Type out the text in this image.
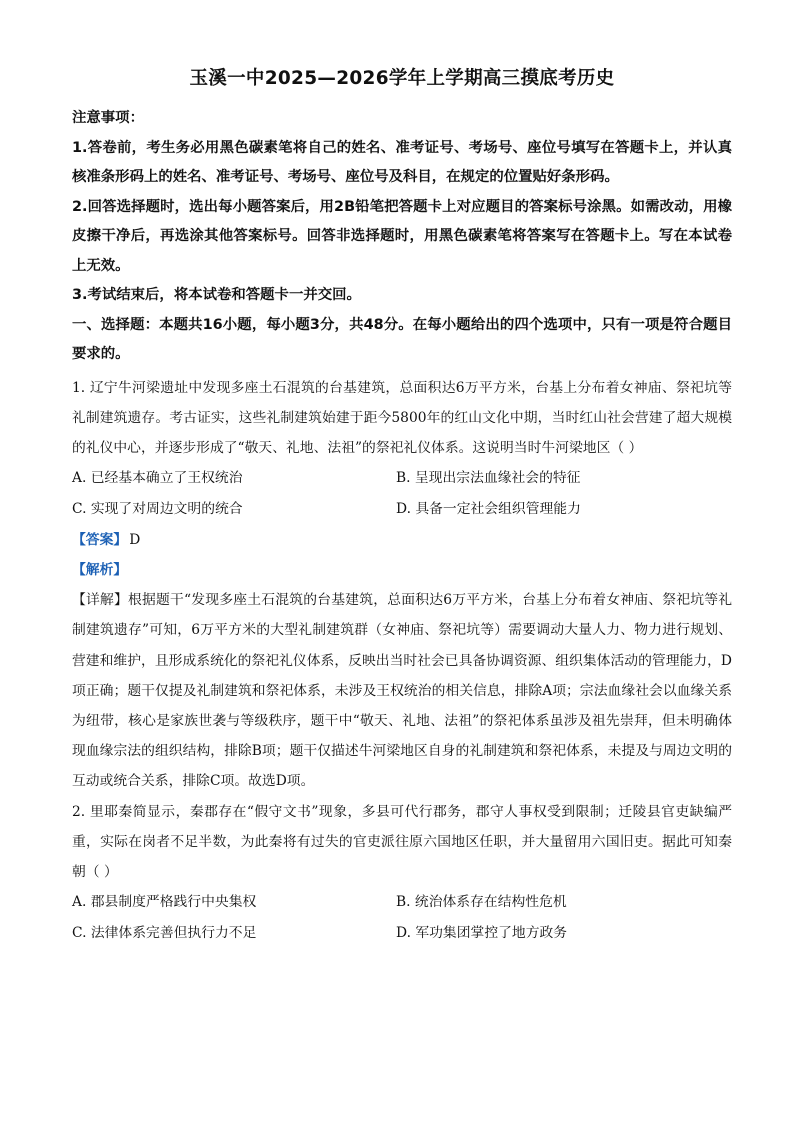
玉溪一中2025—2026学年上学期高三摸底考历史

注意事项：

1.答卷前，考生务必用黑色碳素笔将自己的姓名、准考证号、考场号、座位号填写在答题卡上，并认真核准条形码上的姓名、准考证号、考场号、座位号及科目，在规定的位置贴好条形码。

2.回答选择题时，选出每小题答案后，用2B铅笔把答题卡上对应题目的答案标号涂黑。如需改动，用橡皮擦干净后，再选涂其他答案标号。回答非选择题时，用黑色碳素笔将答案写在答题卡上。写在本试卷上无效。

3.考试结束后，将本试卷和答题卡一并交回。

一、选择题：本题共16小题，每小题3分，共48分。在每小题给出的四个选项中，只有一项是符合题目要求的。

1. 辽宁牛河梁遗址中发现多座土石混筑的台基建筑，总面积达6万平方米，台基上分布着女神庙、祭祀坑等礼制建筑遗存。考古证实，这些礼制建筑始建于距今5800年的红山文化中期，当时红山社会营建了超大规模的礼仪中心，并逐步形成了“敬天、礼地、法祖”的祭祀礼仪体系。这说明当时牛河梁地区（ ）

A. 已经基本确立了王权统治	B. 呈现出宗法血缘社会的特征
C. 实现了对周边文明的统合	D. 具备一定社会组织管理能力
【答案】 D
【解析】

【详解】根据题干“发现多座土石混筑的台基建筑，总面积达6万平方米，台基上分布着女神庙、祭祀坑等礼制建筑遗存”可知，6万平方米的大型礼制建筑群（女神庙、祭祀坑等）需要调动大量人力、物力进行规划、营建和维护，且形成系统化的祭祀礼仪体系，反映出当时社会已具备协调资源、组织集体活动的管理能力，D项正确；题干仅提及礼制建筑和祭祀体系，未涉及王权统治的相关信息，排除A项；宗法血缘社会以血缘关系为纽带，核心是家族世袭与等级秩序，题干中“敬天、礼地、法祖”的祭祀体系虽涉及祖先崇拜，但未明确体现血缘宗法的组织结构，排除B项；题干仅描述牛河梁地区自身的礼制建筑和祭祀体系，未提及与周边文明的互动或统合关系，排除C项。故选D项。

2. 里耶秦简显示，秦郡存在“假守文书”现象，多县可代行郡务，郡守人事权受到限制；迁陵县官吏缺编严重，实际在岗者不足半数，为此秦将有过失的官吏派往原六国地区任职，并大量留用六国旧吏。据此可知秦朝（ ）

A. 郡县制度严格践行中央集权	B. 统治体系存在结构性危机
C. 法律体系完善但执行力不足	D. 军功集团掌控了地方政务
